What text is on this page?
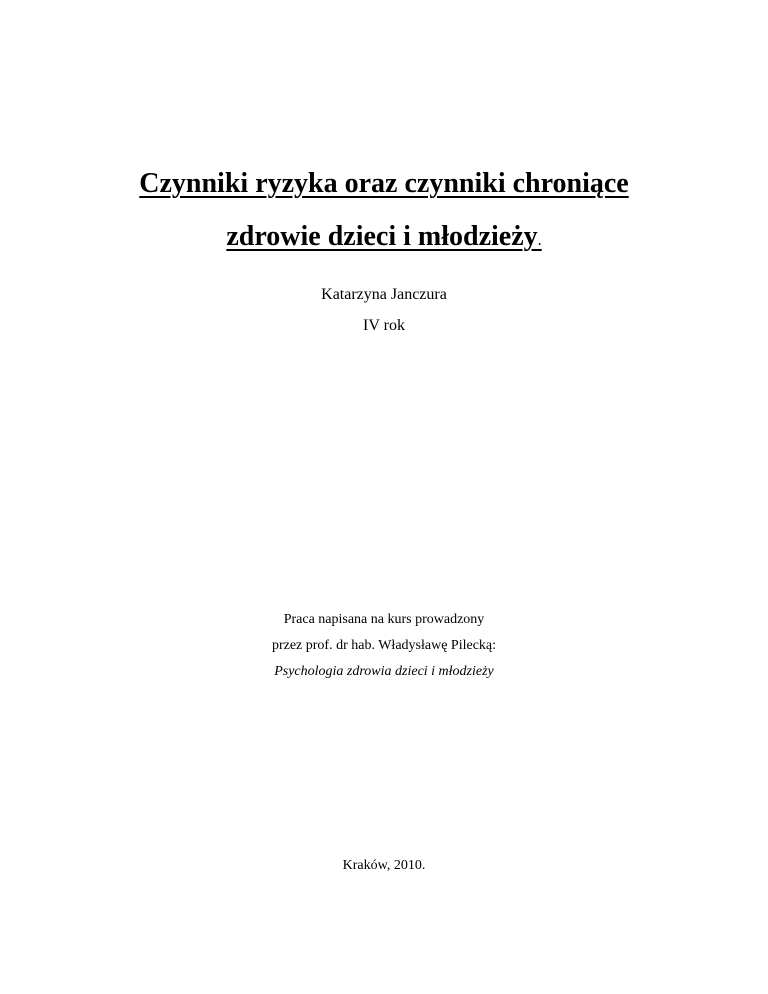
Czynniki ryzyka oraz czynniki chroniące
zdrowie dzieci i młodzieży.
Katarzyna Janczura
IV rok
Praca napisana na kurs prowadzony
przez prof. dr hab. Władysławę Pilecką:
Psychologia zdrowia dzieci i młodzieży
Kraków, 2010.
